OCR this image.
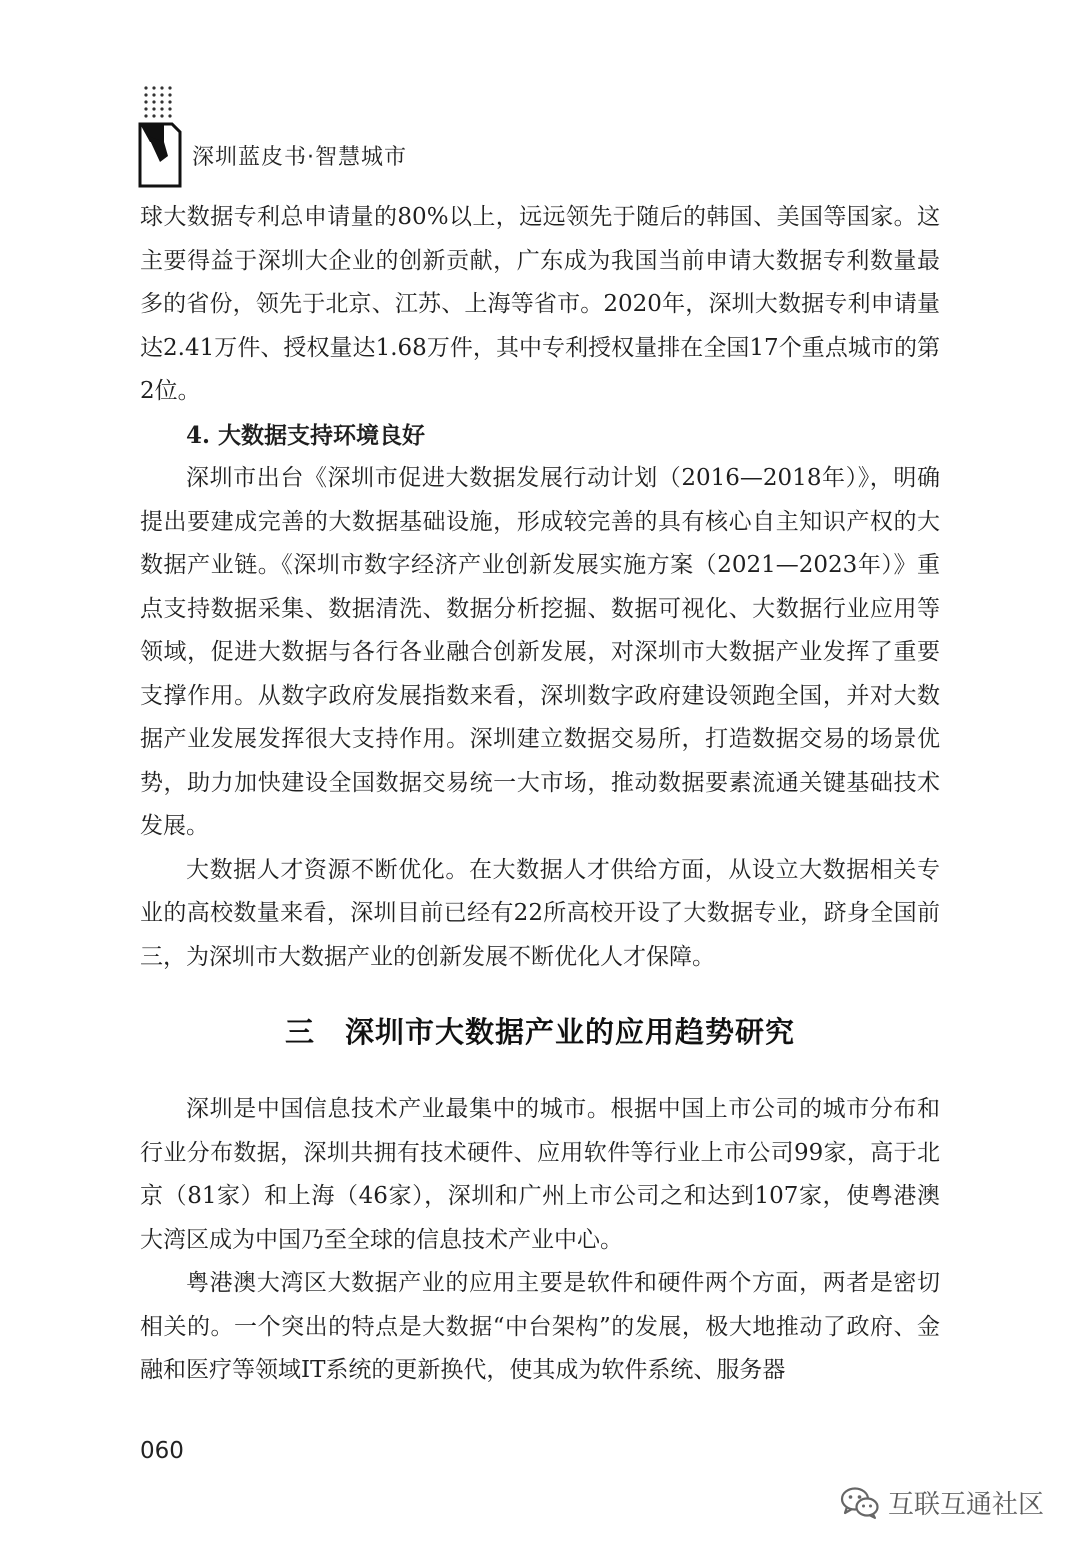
深圳蓝皮书·智慧城市

球大数据专利总申请量的80%以上，远远领先于随后的韩国、美国等国家。这主要得益于深圳大企业的创新贡献，广东成为我国当前申请大数据专利数量最多的省份，领先于北京、江苏、上海等省市。2020年，深圳大数据专利申请量达2.41万件、授权量达1.68万件，其中专利授权量排在全国17个重点城市的第2位。

4. 大数据支持环境良好

深圳市出台《深圳市促进大数据发展行动计划（2016—2018年）》，明确提出要建成完善的大数据基础设施，形成较完善的具有核心自主知识产权的大数据产业链。《深圳市数字经济产业创新发展实施方案（2021—2023年）》重点支持数据采集、数据清洗、数据分析挖掘、数据可视化、大数据行业应用等领域，促进大数据与各行各业融合创新发展，对深圳市大数据产业发挥了重要支撑作用。从数字政府发展指数来看，深圳数字政府建设领跑全国，并对大数据产业发展发挥很大支持作用。深圳建立数据交易所，打造数据交易的场景优势，助力加快建设全国数据交易统一大市场，推动数据要素流通关键基础技术发展。

大数据人才资源不断优化。在大数据人才供给方面，从设立大数据相关专业的高校数量来看，深圳目前已经有22所高校开设了大数据专业，跻身全国前三，为深圳市大数据产业的创新发展不断优化人才保障。

三 深圳市大数据产业的应用趋势研究

深圳是中国信息技术产业最集中的城市。根据中国上市公司的城市分布和行业分布数据，深圳共拥有技术硬件、应用软件等行业上市公司99家，高于北京（81家）和上海（46家），深圳和广州上市公司之和达到107家，使粤港澳大湾区成为中国乃至全球的信息技术产业中心。

粤港澳大湾区大数据产业的应用主要是软件和硬件两个方面，两者是密切相关的。一个突出的特点是大数据“中台架构”的发展，极大地推动了政府、金融和医疗等领域IT系统的更新换代，使其成为软件系统、服务器

060
互联互通社区
